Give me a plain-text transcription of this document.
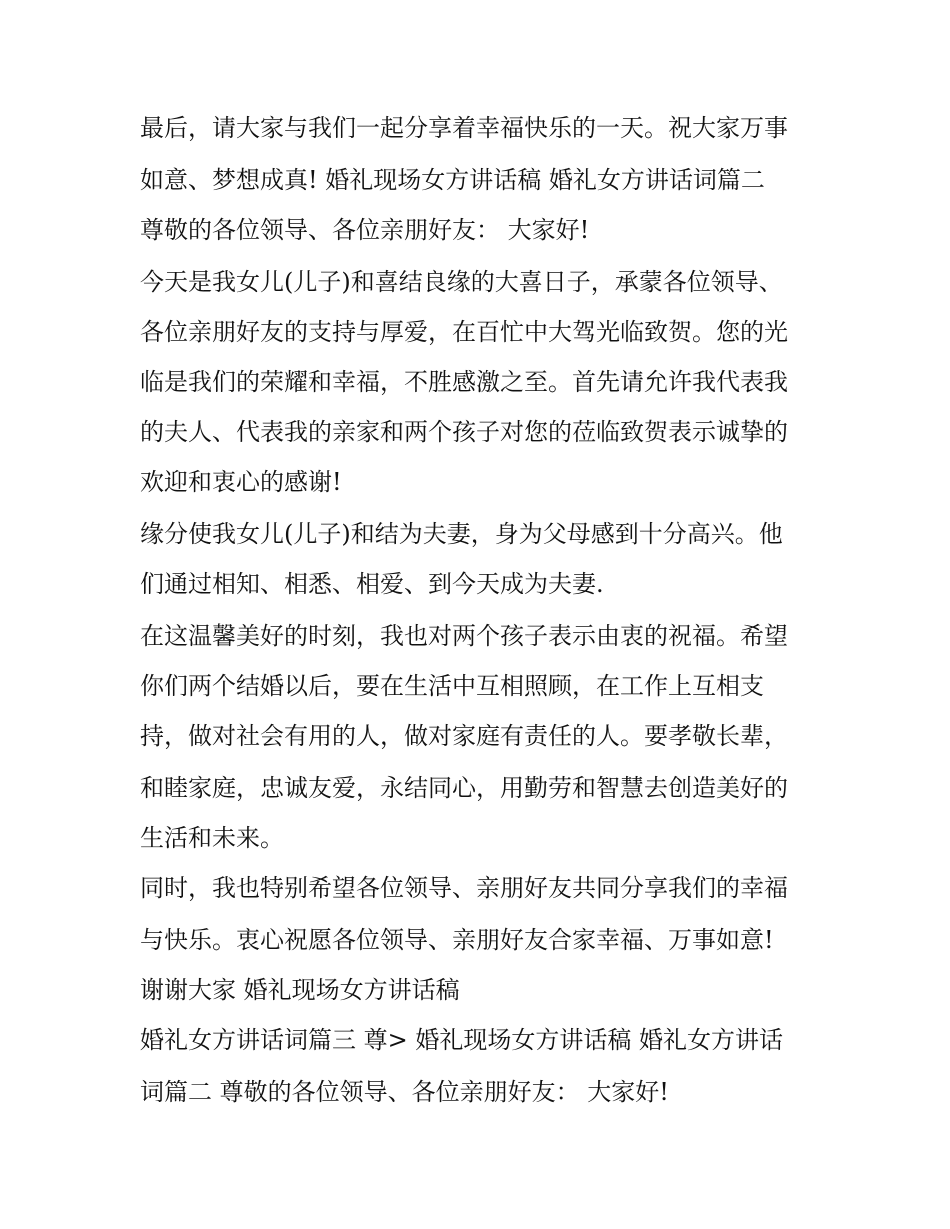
最后，请大家与我们一起分享着幸福快乐的一天。祝大家万事
如意、梦想成真! 婚礼现场女方讲话稿 婚礼女方讲话词篇二
尊敬的各位领导、各位亲朋好友： 大家好!
今天是我女儿(儿子)和喜结良缘的大喜日子，承蒙各位领导、
各位亲朋好友的支持与厚爱，在百忙中大驾光临致贺。您的光
临是我们的荣耀和幸福，不胜感激之至。首先请允许我代表我
的夫人、代表我的亲家和两个孩子对您的莅临致贺表示诚挚的
欢迎和衷心的感谢!
缘分使我女儿(儿子)和结为夫妻，身为父母感到十分高兴。他
们通过相知、相悉、相爱、到今天成为夫妻.
在这温馨美好的时刻，我也对两个孩子表示由衷的祝福。希望
你们两个结婚以后，要在生活中互相照顾，在工作上互相支
持，做对社会有用的人，做对家庭有责任的人。要孝敬长辈，
和睦家庭，忠诚友爱，永结同心，用勤劳和智慧去创造美好的
生活和未来。
同时，我也特别希望各位领导、亲朋好友共同分享我们的幸福
与快乐。衷心祝愿各位领导、亲朋好友合家幸福、万事如意!
谢谢大家 婚礼现场女方讲话稿
婚礼女方讲话词篇三 尊> 婚礼现场女方讲话稿 婚礼女方讲话
词篇二 尊敬的各位领导、各位亲朋好友： 大家好!
